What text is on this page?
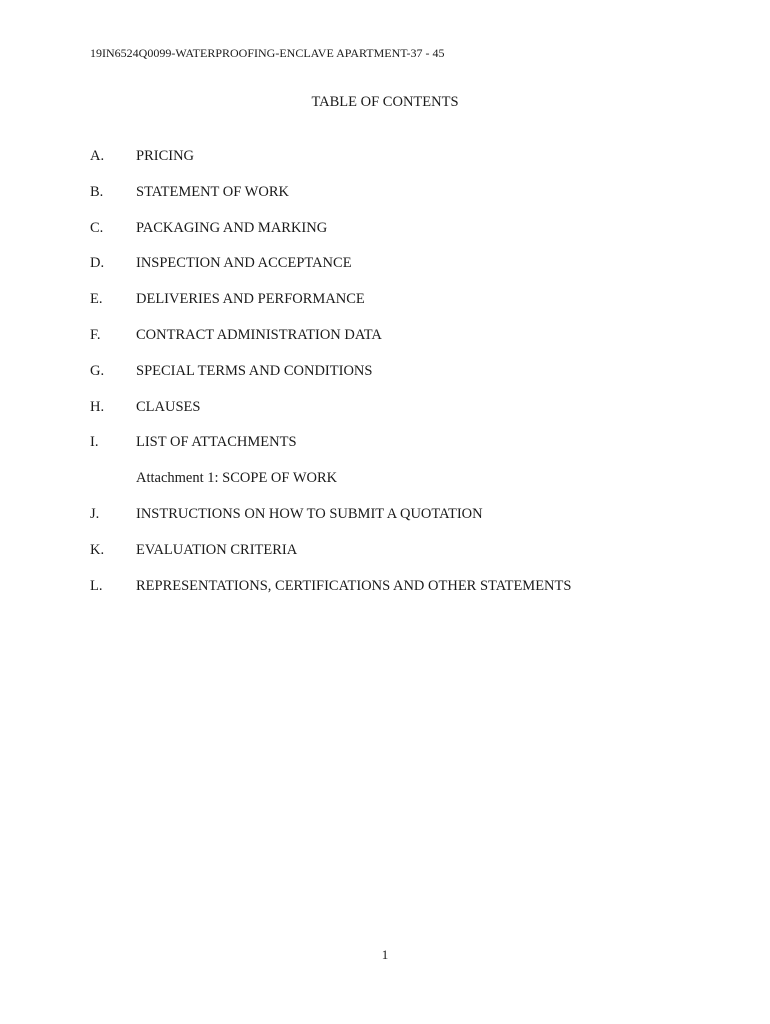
19IN6524Q0099-WATERPROOFING-ENCLAVE APARTMENT-37 - 45
TABLE OF CONTENTS
A.	PRICING
B.	STATEMENT OF WORK
C.	PACKAGING AND MARKING
D.	INSPECTION AND ACCEPTANCE
E.	DELIVERIES AND PERFORMANCE
F.	CONTRACT ADMINISTRATION DATA
G.	SPECIAL TERMS AND CONDITIONS
H.	CLAUSES
I.	LIST OF ATTACHMENTS
Attachment 1: SCOPE OF WORK
J.	INSTRUCTIONS ON HOW TO SUBMIT A QUOTATION
K.	EVALUATION CRITERIA
L.	REPRESENTATIONS, CERTIFICATIONS AND OTHER STATEMENTS
1
